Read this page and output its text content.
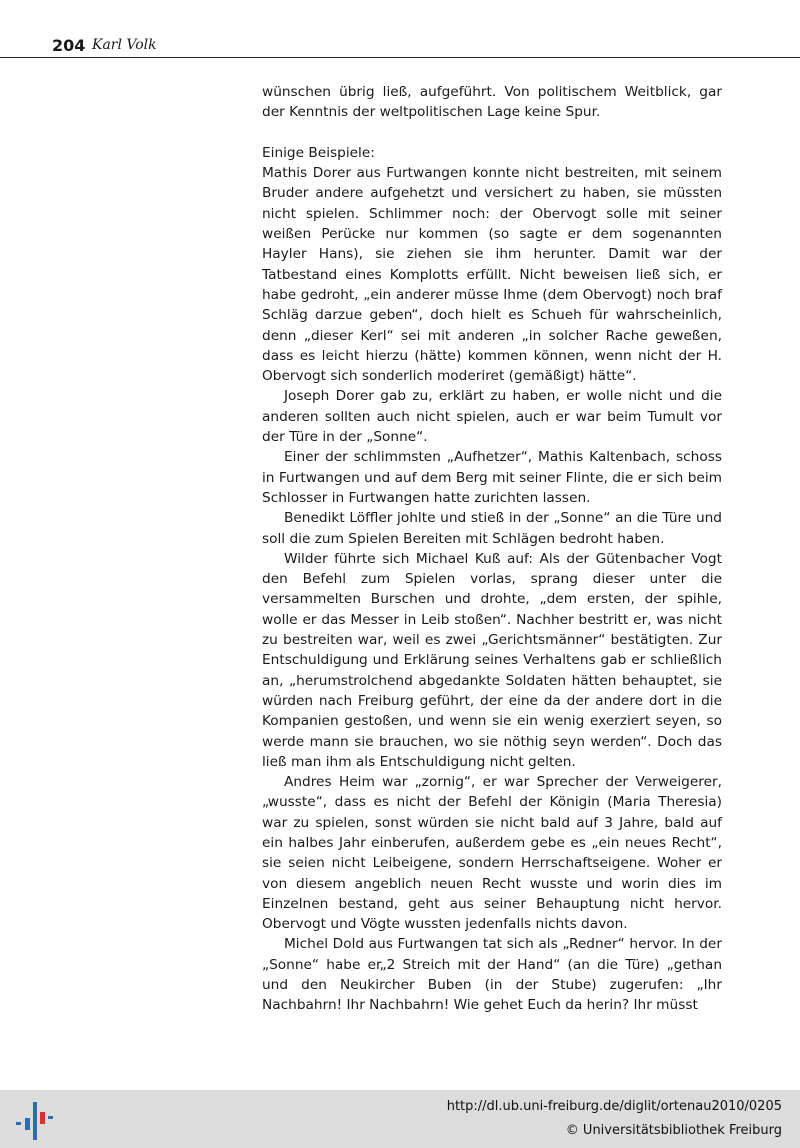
204 Karl Volk

wünschen übrig ließ, aufgeführt. Von politischem Weitblick, gar der Kenntnis der weltpolitischen Lage keine Spur.

Einige Beispiele:

Mathis Dorer aus Furtwangen konnte nicht bestreiten, mit seinem Bruder andere aufgehetzt und versichert zu haben, sie müssten nicht spielen. Schlimmer noch: der Obervogt solle mit seiner weißen Perücke nur kommen (so sagte er dem sogenannten Hayler Hans), sie ziehen sie ihm herunter. Damit war der Tatbestand eines Komplotts erfüllt. Nicht beweisen ließ sich, er habe gedroht, „ein anderer müsse Ihme (dem Obervogt) noch braf Schläg darzue geben“, doch hielt es Schueh für wahrscheinlich, denn „dieser Kerl“ sei mit anderen „in solcher Rache geweßen, dass es leicht hierzu (hätte) kommen können, wenn nicht der H. Obervogt sich sonderlich moderiret (gemäßigt) hätte“.

Joseph Dorer gab zu, erklärt zu haben, er wolle nicht und die anderen sollten auch nicht spielen, auch er war beim Tumult vor der Türe in der „Sonne“.

Einer der schlimmsten „Aufhetzer“, Mathis Kaltenbach, schoss in Furtwangen und auf dem Berg mit seiner Flinte, die er sich beim Schlosser in Furtwangen hatte zurichten lassen.

Benedikt Löffler johlte und stieß in der „Sonne“ an die Türe und soll die zum Spielen Bereiten mit Schlägen bedroht haben.

Wilder führte sich Michael Kuß auf: Als der Gütenbacher Vogt den Befehl zum Spielen vorlas, sprang dieser unter die versammelten Burschen und drohte, „dem ersten, der spihle, wolle er das Messer in Leib stoßen“. Nachher bestritt er, was nicht zu bestreiten war, weil es zwei „Gerichtsmänner“ bestätigten. Zur Entschuldigung und Erklärung seines Verhaltens gab er schließlich an, „herumstrolchend abgedankte Soldaten hätten behauptet, sie würden nach Freiburg geführt, der eine da der andere dort in die Kompanien gestoßen, und wenn sie ein wenig exerziert seyen, so werde mann sie brauchen, wo sie nöthig seyn werden“. Doch das ließ man ihm als Entschuldigung nicht gelten.

Andres Heim war „zornig“, er war Sprecher der Verweigerer, „wusste“, dass es nicht der Befehl der Königin (Maria Theresia) war zu spielen, sonst würden sie nicht bald auf 3 Jahre, bald auf ein halbes Jahr einberufen, außerdem gebe es „ein neues Recht“, sie seien nicht Leibeigene, sondern Herrschaftseigene. Woher er von diesem angeblich neuen Recht wusste und worin dies im Einzelnen bestand, geht aus seiner Behauptung nicht hervor. Obervogt und Vögte wussten jedenfalls nichts davon.

Michel Dold aus Furtwangen tat sich als „Redner“ hervor. In der „Sonne“ habe er„2 Streich mit der Hand“ (an die Türe) „gethan und den Neukircher Buben (in der Stube) zugerufen: „Ihr Nachbahrn! Ihr Nachbahrn! Wie gehet Euch da herin? Ihr müsst

http://dl.ub.uni-freiburg.de/diglit/ortenau2010/0205
© Universitätsbibliothek Freiburg
